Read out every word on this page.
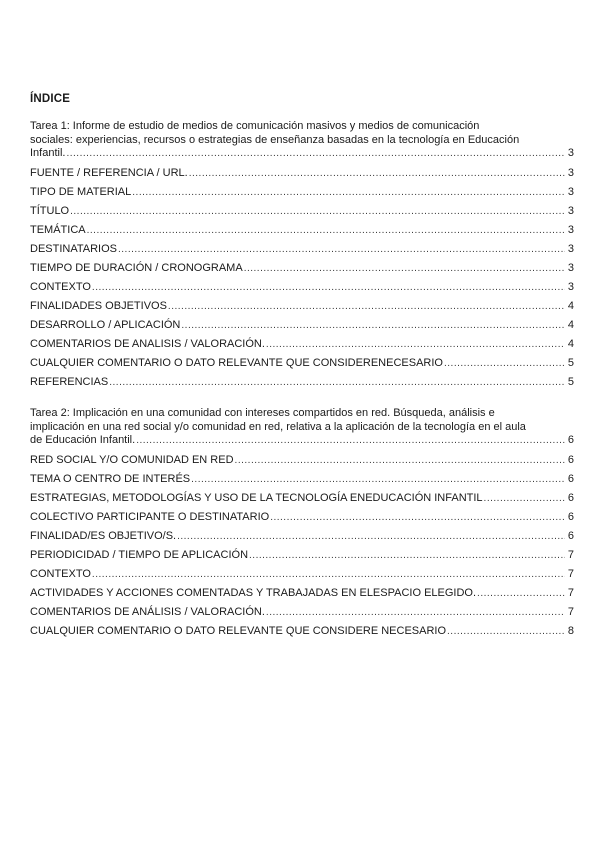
ÍNDICE
Tarea 1: Informe de estudio de medios de comunicación masivos y medios de comunicación
sociales: experiencias, recursos o estrategias de enseñanza basadas en la tecnología en Educación
Infantil. .....	3
FUENTE / REFERENCIA / URL. .....	3
TIPO DE MATERIAL .....	3
TÍTULO .....	3
TEMÁTICA .....	3
DESTINATARIOS .....	3
TIEMPO DE DURACIÓN / CRONOGRAMA .....	3
CONTEXTO .....	3
FINALIDADES OBJETIVOS .....	4
DESARROLLO / APLICACIÓN .....	4
COMENTARIOS DE ANALISIS / VALORACIÓN. .....	4
CUALQUIER COMENTARIO O DATO RELEVANTE QUE CONSIDERENECESARIO .....	5
REFERENCIAS .....	5
Tarea 2: Implicación en una comunidad con intereses compartidos en red. Búsqueda, análisis e
implicación en una red social y/o comunidad en red, relativa a la aplicación de la tecnología en el aula
de Educación Infantil. .....	6
RED SOCIAL Y/O COMUNIDAD EN RED .....	6
TEMA O CENTRO DE INTERÉS .....	6
ESTRATEGIAS, METODOLOGÍAS Y USO DE LA TECNOLOGÍA ENEDUCACIÓN INFANTIL .....	6
COLECTIVO PARTICIPANTE O DESTINATARIO .....	6
FINALIDAD/ES OBJETIVO/S. .....	6
PERIODICIDAD / TIEMPO DE APLICACIÓN .....	7
CONTEXTO .....	7
ACTIVIDADES Y ACCIONES COMENTADAS Y TRABAJADAS EN ELESPACIO ELEGIDO. .....	7
COMENTARIOS DE ANÁLISIS / VALORACIÓN. .....	7
CUALQUIER COMENTARIO O DATO RELEVANTE QUE CONSIDERE NECESARIO .....	8
